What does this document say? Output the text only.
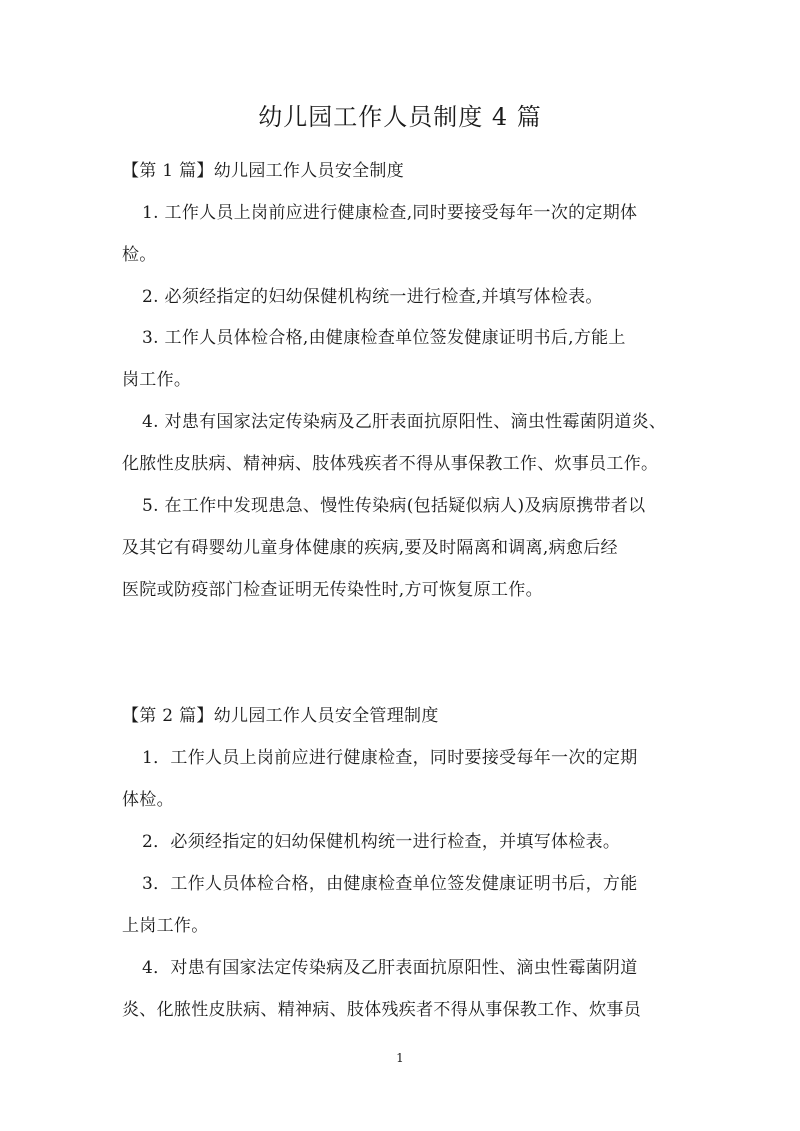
幼儿园工作人员制度 4 篇
【第 1 篇】幼儿园工作人员安全制度
1. 工作人员上岗前应进行健康检查,同时要接受每年一次的定期体
检。
2. 必须经指定的妇幼保健机构统一进行检查,并填写体检表。
3. 工作人员体检合格,由健康检查单位签发健康证明书后,方能上
岗工作。
4. 对患有国家法定传染病及乙肝表面抗原阳性、滴虫性霉菌阴道炎、
化脓性皮肤病、精神病、肢体残疾者不得从事保教工作、炊事员工作。
5. 在工作中发现患急、慢性传染病(包括疑似病人)及病原携带者以
及其它有碍婴幼儿童身体健康的疾病,要及时隔离和调离,病愈后经
医院或防疫部门检查证明无传染性时,方可恢复原工作。
【第 2 篇】幼儿园工作人员安全管理制度
1．工作人员上岗前应进行健康检查，同时要接受每年一次的定期
体检。
2．必须经指定的妇幼保健机构统一进行检查，并填写体检表。
3．工作人员体检合格，由健康检查单位签发健康证明书后，方能
上岗工作。
4．对患有国家法定传染病及乙肝表面抗原阳性、滴虫性霉菌阴道
炎、化脓性皮肤病、精神病、肢体残疾者不得从事保教工作、炊事员
1
